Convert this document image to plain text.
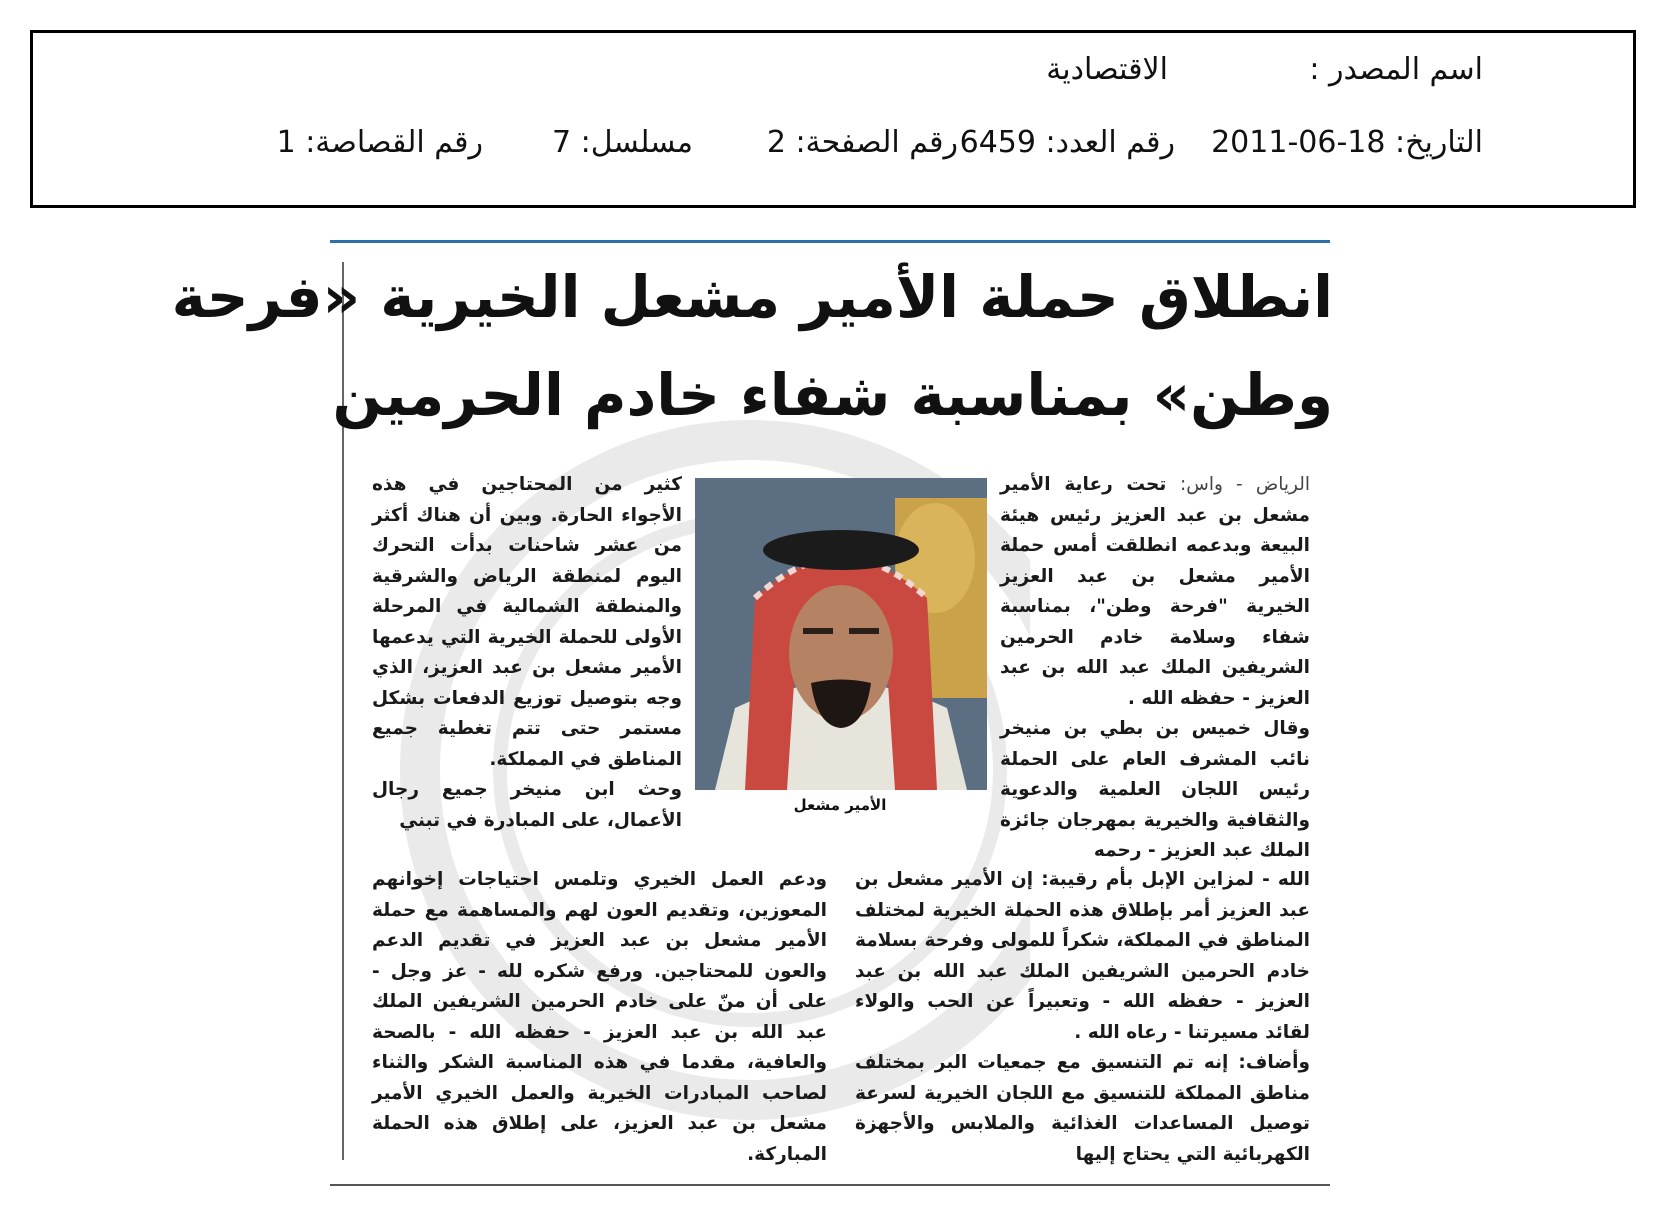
اسم المصدر :
الاقتصادية
التاريخ: 18-06-2011
رقم العدد: 6459
رقم الصفحة: 2
مسلسل: 7
رقم القصاصة: 1
انطلاق حملة الأمير مشعل الخيرية «فرحة
وطن» بمناسبة شفاء خادم الحرمين

الرياض - واس: تحت رعاية الأمير مشعل بن عبد العزيز رئيس هيئة البيعة وبدعمه انطلقت أمس حملة الأمير مشعل بن عبد العزيز الخيرية "فرحة وطن"، بمناسبة شفاء وسلامة خادم الحرمين الشريفين الملك عبد الله بن عبد العزيز - حفظه الله .

وقال خميس بن بطي بن منيخر نائب المشرف العام على الحملة رئيس اللجان العلمية والدعوية والثقافية والخيرية بمهرجان جائزة الملك عبد العزيز - رحمه

الأمير مشعل

كثير من المحتاجين في هذه الأجواء الحارة. وبين أن هناك أكثر من عشر شاحنات بدأت التحرك اليوم لمنطقة الرياض والشرقية والمنطقة الشمالية في المرحلة الأولى للحملة الخيرية التي يدعمها الأمير مشعل بن عبد العزيز، الذي وجه بتوصيل توزيع الدفعات بشكل مستمر حتى تتم تغطية جميع المناطق في المملكة.

وحث ابن منيخر جميع رجال الأعمال، على المبادرة في تبني

الله - لمزاين الإبل بأم رقيبة: إن الأمير مشعل بن عبد العزيز أمر بإطلاق هذه الحملة الخيرية لمختلف المناطق في المملكة، شكراً للمولى وفرحة بسلامة خادم الحرمين الشريفين الملك عبد الله بن عبد العزيز - حفظه الله - وتعبيراً عن الحب والولاء لقائد مسيرتنا - رعاه الله .

وأضاف: إنه تم التنسيق مع جمعيات البر بمختلف مناطق المملكة للتنسيق مع اللجان الخيرية لسرعة توصيل المساعدات الغذائية والملابس والأجهزة الكهربائية التي يحتاج إليها

ودعم العمل الخيري وتلمس احتياجات إخوانهم المعوزين، وتقديم العون لهم والمساهمة مع حملة الأمير مشعل بن عبد العزيز في تقديم الدعم والعون للمحتاجين. ورفع شكره لله - عز وجل - على أن منّ على خادم الحرمين الشريفين الملك عبد الله بن عبد العزيز - حفظه الله - بالصحة والعافية، مقدما في هذه المناسبة الشكر والثناء لصاحب المبادرات الخيرية والعمل الخيري الأمير مشعل بن عبد العزيز، على إطلاق هذه الحملة المباركة.
